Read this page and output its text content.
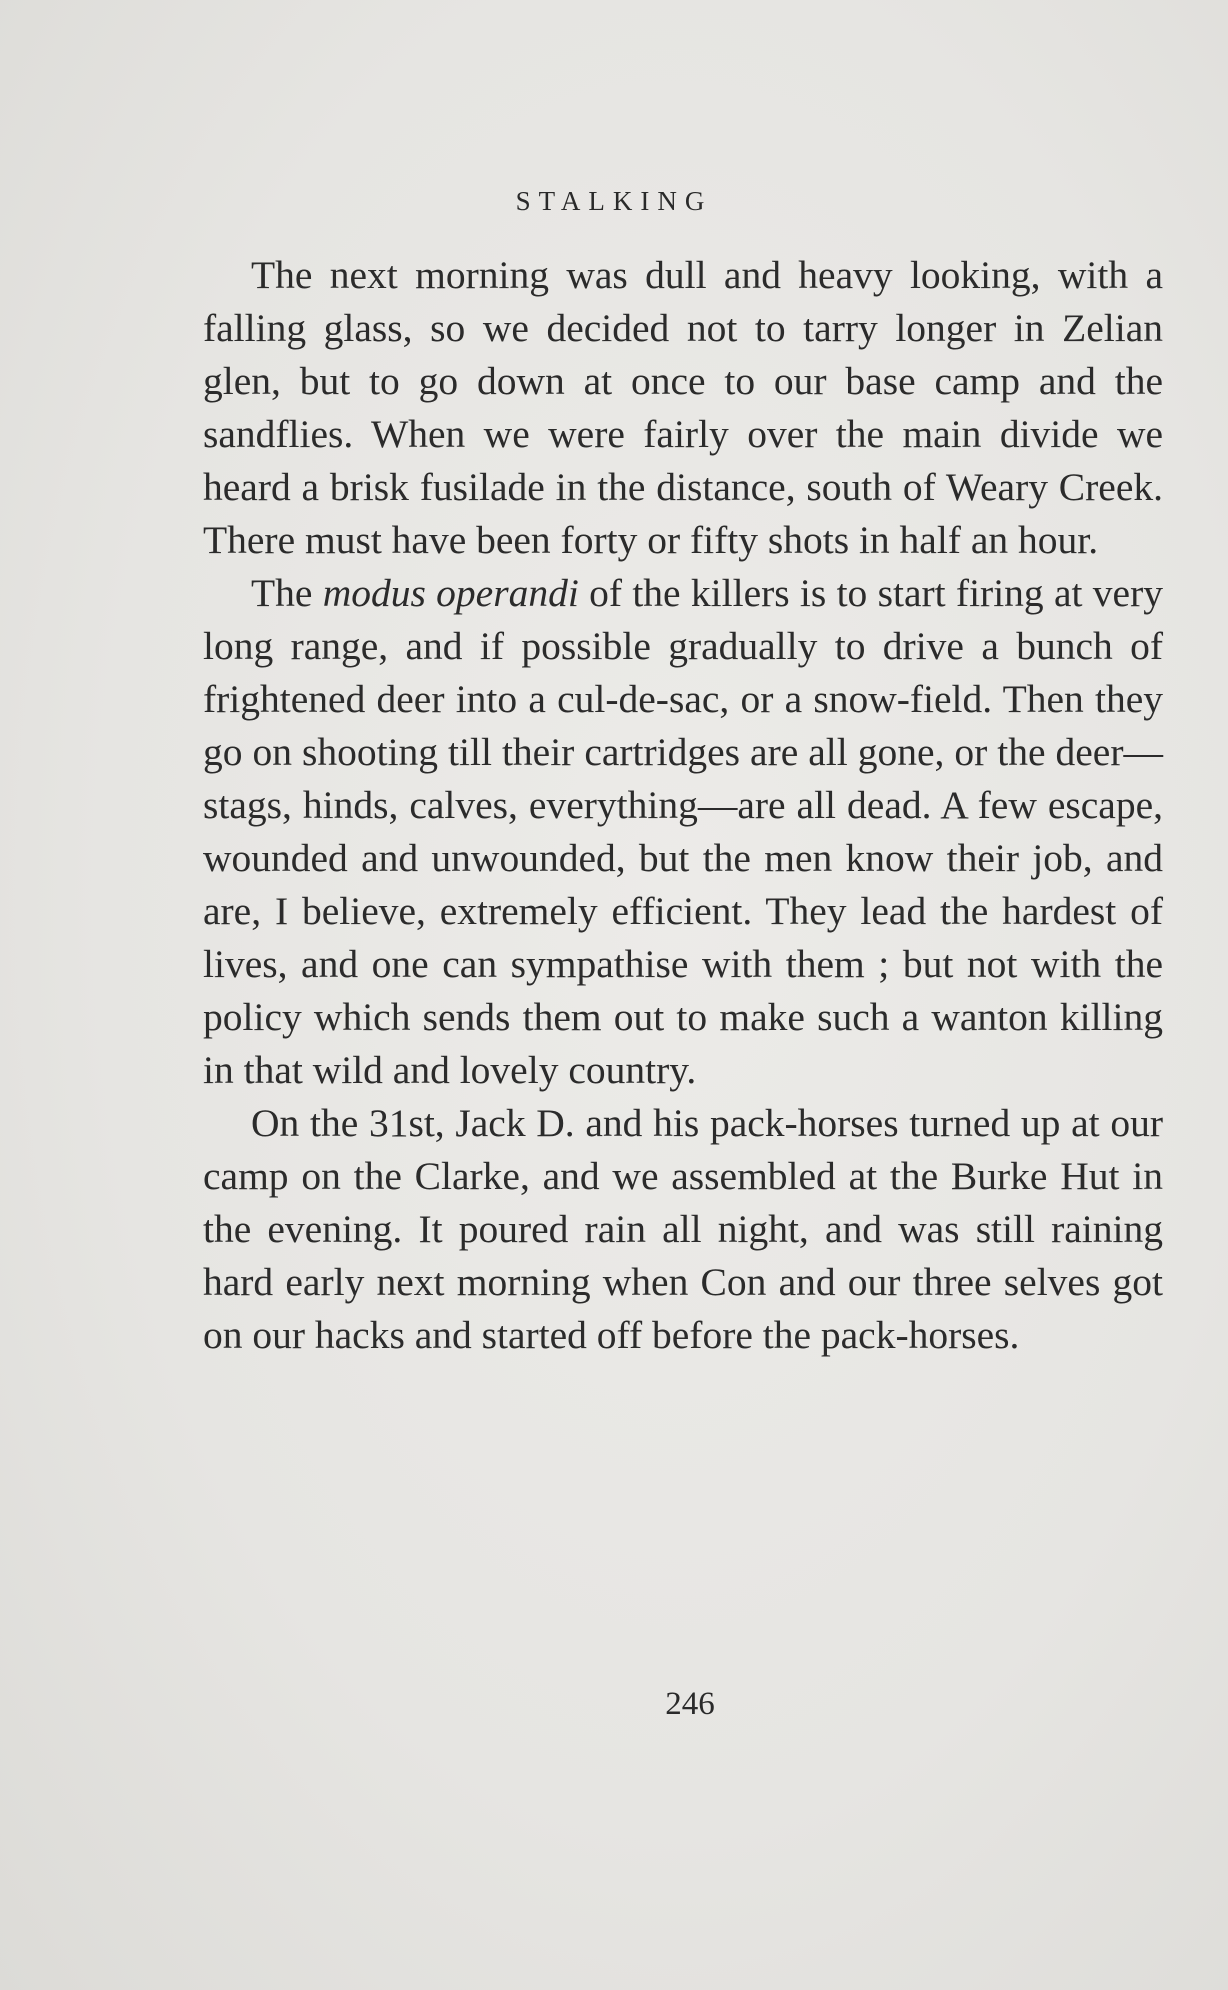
STALKING

The next morning was dull and heavy looking, with a falling glass, so we decided not to tarry longer in Zelian glen, but to go down at once to our base camp and the sandflies. When we were fairly over the main divide we heard a brisk fusilade in the distance, south of Weary Creek. There must have been forty or fifty shots in half an hour.

The modus operandi of the killers is to start firing at very long range, and if possible gradually to drive a bunch of frightened deer into a cul-de-sac, or a snow-field. Then they go on shooting till their cartridges are all gone, or the deer—stags, hinds, calves, everything—are all dead. A few escape, wounded and unwounded, but the men know their job, and are, I believe, extremely efficient. They lead the hardest of lives, and one can sympathise with them ; but not with the policy which sends them out to make such a wanton killing in that wild and lovely country.

On the 31st, Jack D. and his pack-horses turned up at our camp on the Clarke, and we assembled at the Burke Hut in the evening. It poured rain all night, and was still raining hard early next morning when Con and our three selves got on our hacks and started off before the pack-horses.

246
